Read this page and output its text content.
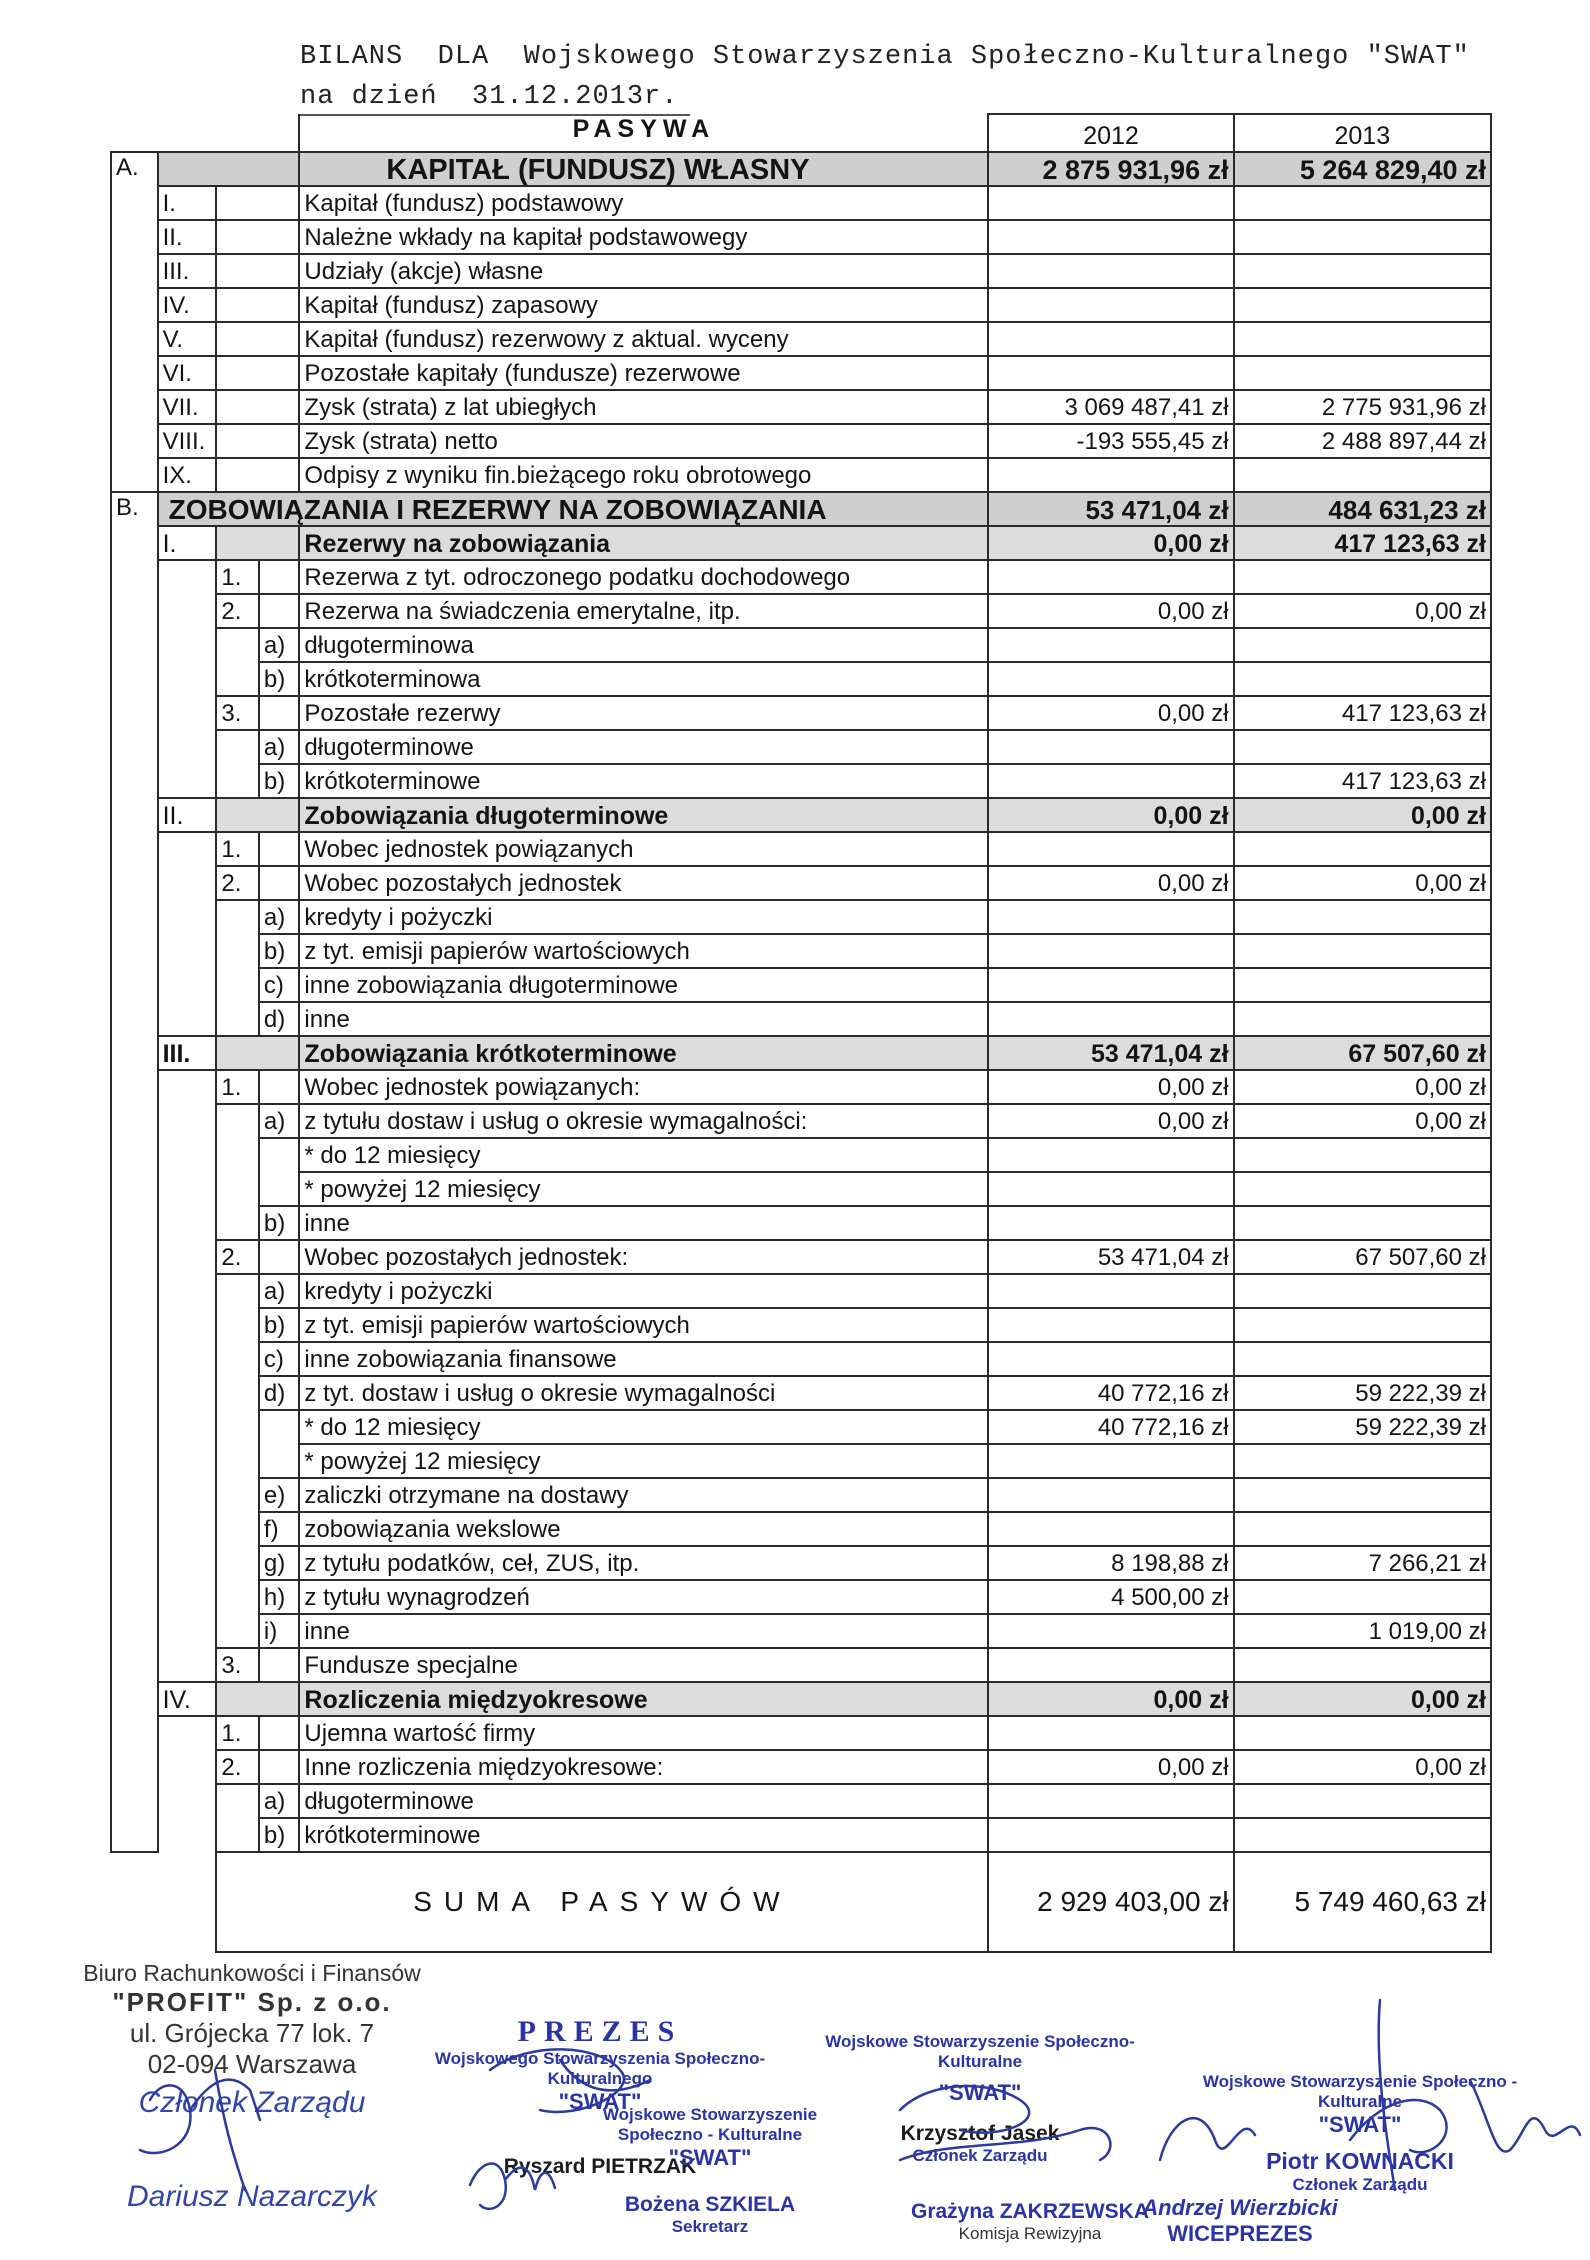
BILANS  DLA  Wojskowego Stowarzyszenia Społeczno-Kulturalnego "SWAT"
na dzień  31.12.2013r.
				PASYWA	2012	2013
A.				KAPITAŁ (FUNDUSZ) WŁASNY	2 875 931,96 zł	5 264 829,40 zł
	I.			Kapitał (fundusz) podstawowy		
	II.			Należne wkłady na kapitał podstawowegy		
	III.			Udziały (akcje) własne		
	IV.			Kapitał (fundusz) zapasowy		
	V.			Kapitał (fundusz) rezerwowy z aktual. wyceny		
	VI.			Pozostałe kapitały (fundusze) rezerwowe		
	VII.			Zysk (strata) z lat ubiegłych	3 069 487,41 zł	2 775 931,96 zł
	VIII.			Zysk (strata) netto	-193 555,45 zł	2 488 897,44 zł
	IX.			Odpisy z wyniku fin.bieżącego roku obrotowego		
B.	ZOBOWIĄZANIA I REZERWY NA ZOBOWIĄZANIA				53 471,04 zł	484 631,23 zł
	I.			Rezerwy na zobowiązania	0,00 zł	417 123,63 zł
		1.		Rezerwa z tyt. odroczonego podatku dochodowego		
		2.		Rezerwa na świadczenia emerytalne, itp.	0,00 zł	0,00 zł
			a)	długoterminowa		
			b)	krótkoterminowa		
		3.		Pozostałe rezerwy	0,00 zł	417 123,63 zł
			a)	długoterminowe		
			b)	krótkoterminowe		417 123,63 zł
	II.			Zobowiązania długoterminowe	0,00 zł	0,00 zł
		1.		Wobec jednostek powiązanych		
		2.		Wobec pozostałych jednostek	0,00 zł	0,00 zł
			a)	kredyty i pożyczki		
			b)	z tyt. emisji papierów wartościowych		
			c)	inne zobowiązania długoterminowe		
			d)	inne		
	III.			Zobowiązania krótkoterminowe	53 471,04 zł	67 507,60 zł
		1.		Wobec jednostek powiązanych:	0,00 zł	0,00 zł
			a)	z tytułu dostaw i usług o okresie wymagalności:	0,00 zł	0,00 zł
				* do 12 miesięcy		
				* powyżej 12 miesięcy		
			b)	inne		
		2.		Wobec pozostałych jednostek:	53 471,04 zł	67 507,60 zł
			a)	kredyty i pożyczki		
			b)	z tyt. emisji papierów wartościowych		
			c)	inne zobowiązania finansowe		
			d)	z tyt. dostaw i usług o okresie wymagalności	40 772,16 zł	59 222,39 zł
				* do 12 miesięcy	40 772,16 zł	59 222,39 zł
				* powyżej 12 miesięcy		
			e)	zaliczki otrzymane na dostawy		
			f)	zobowiązania wekslowe		
			g)	z tytułu podatków, ceł, ZUS, itp.	8 198,88 zł	7 266,21 zł
			h)	z tytułu wynagrodzeń	4 500,00 zł	
			i)	inne		1 019,00 zł
		3.		Fundusze specjalne		
	IV.			Rozliczenia międzyokresowe	0,00 zł	0,00 zł
		1.		Ujemna wartość firmy		
		2.		Inne rozliczenia międzyokresowe:	0,00 zł	0,00 zł
			a)	długoterminowe		
			b)	krótkoterminowe		
		SUMA PASYWÓW			2 929 403,00 zł	5 749 460,63 zł
Biuro Rachunkowości i Finansów
"PROFIT" Sp. z o.o.
ul. Grójecka 77 lok. 7
02-094 Warszawa
Członek Zarządu
Dariusz Nazarczyk
PREZES
Wojskowego Stowarzyszenia Społeczno-Kulturalnego
"SWAT"
Ryszard PIETRZAK
Wojskowe Stowarzyszenie Społeczno - Kulturalne
"SWAT"
Bożena SZKIELA
Sekretarz
Wojskowe Stowarzyszenie Społeczno-Kulturalne
"SWAT"
Krzysztof Jasek
Członek Zarządu
Grażyna ZAKRZEWSKA
Komisja Rewizyjna
Andrzej Wierzbicki
WICEPREZES
Wojskowe Stowarzyszenie Społeczno - Kulturalne
"SWAT"
Piotr KOWNACKI
Członek Zarządu
